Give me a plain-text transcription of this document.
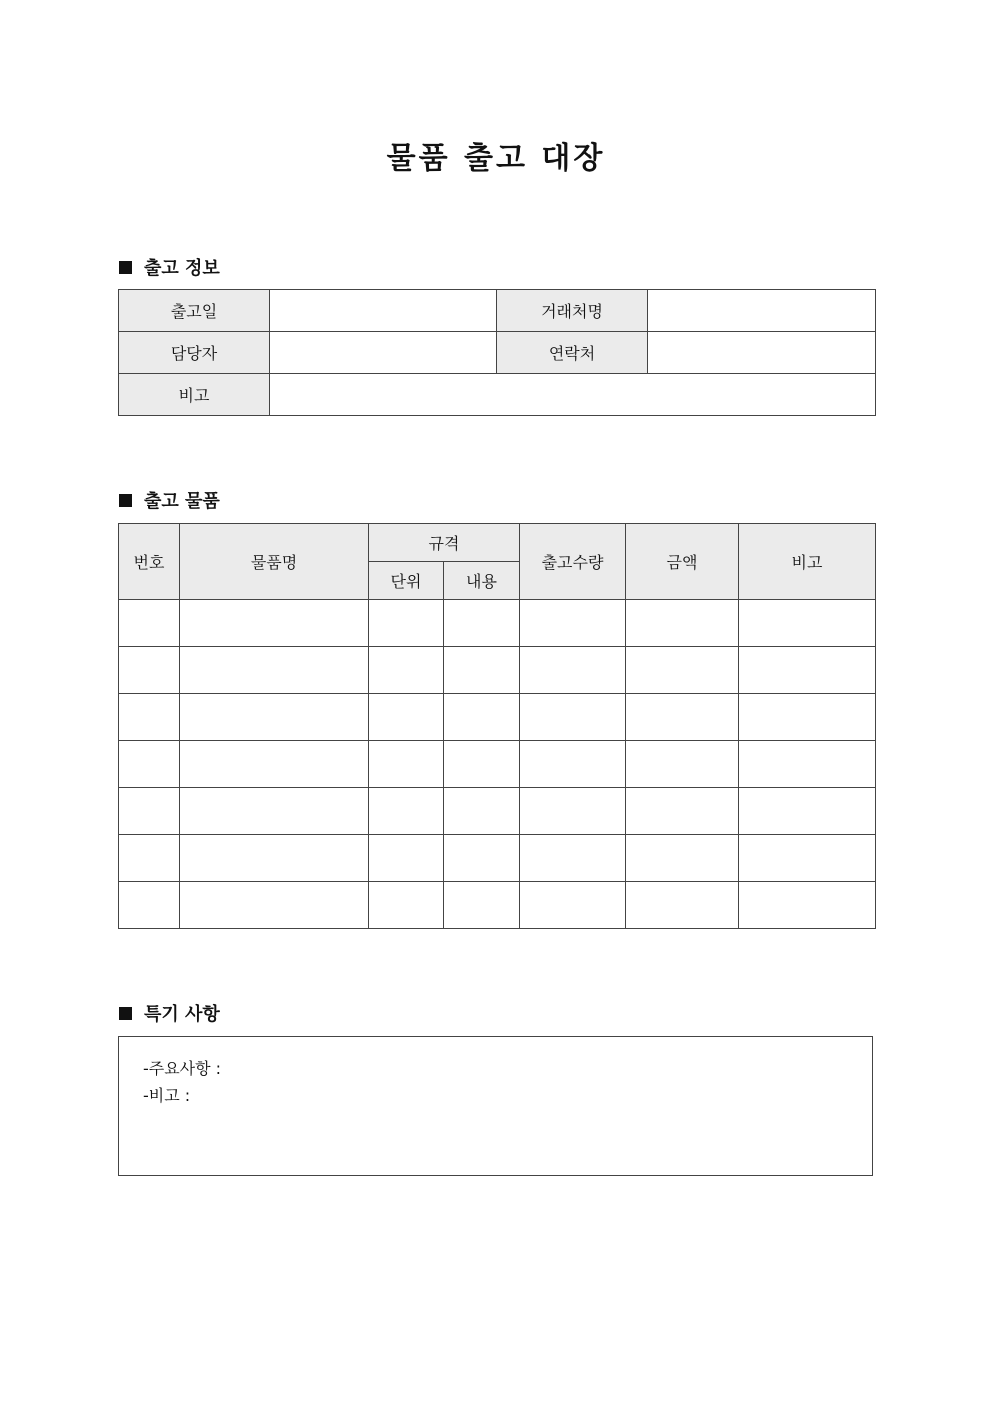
물품 출고 대장
출고 정보
출고일		거래처명	
담당자		연락처	
비고			
출고 물품
번호	물품명	규격		출고수량	금액	비고
		단위	내용			

특기 사항
-주요사항 :
-비고 :
